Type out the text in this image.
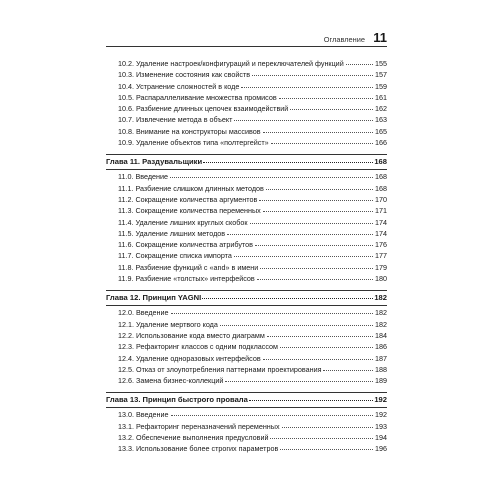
Оглавление 11
10.2. Удаление настроек/конфигураций и переключателей функций	155
10.3. Изменение состояния как свойств	157
10.4. Устранение сложностей в коде	159
10.5. Распараллеливание множества промисов	161
10.6. Разбиение длинных цепочек взаимодействий	162
10.7. Извлечение метода в объект	163
10.8. Внимание на конструкторы массивов	165
10.9. Удаление объектов типа «полтергейст»	166
Глава 11. Раздувальщики	168
11.0. Введение	168
11.1. Разбиение слишком длинных методов	168
11.2. Сокращение количества аргументов	170
11.3. Сокращение количества переменных	171
11.4. Удаление лишних круглых скобок	174
11.5. Удаление лишних методов	174
11.6. Сокращение количества атрибутов	176
11.7. Сокращение списка импорта	177
11.8. Разбиение функций с «and» в имени	179
11.9. Разбиение «толстых» интерфейсов	180
Глава 12. Принцип YAGNI	182
12.0. Введение	182
12.1. Удаление мертвого кода	182
12.2. Использование кода вместо диаграмм	184
12.3. Рефакторинг классов с одним подклассом	186
12.4. Удаление одноразовых интерфейсов	187
12.5. Отказ от злоупотребления паттернами проектирования	188
12.6. Замена бизнес-коллекций	189
Глава 13. Принцип быстрого провала	192
13.0. Введение	192
13.1. Рефакторинг переназначений переменных	193
13.2. Обеспечение выполнения предусловий	194
13.3. Использование более строгих параметров	196
